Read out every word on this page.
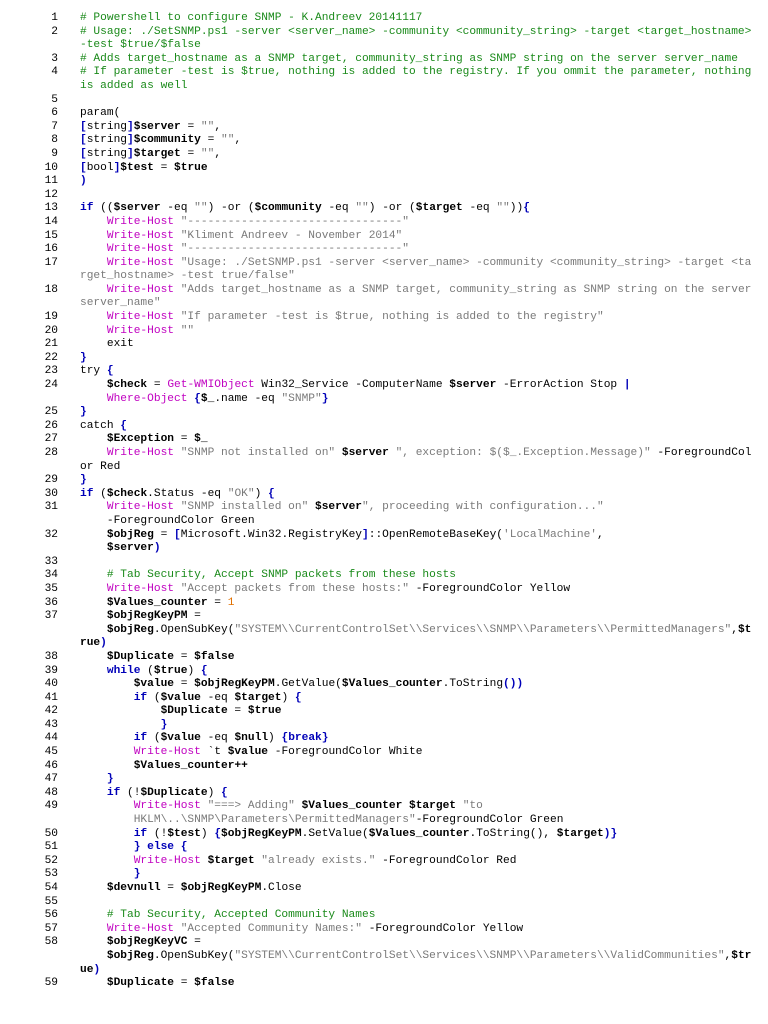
1 # Powershell to configure SNMP - K.Andreev 20141117
2 # Usage: ./SetSNMP.ps1 -server <server_name> -community <community_string> -target <target_hostname> -test $true/$false
3 # Adds target_hostname as a SNMP target, community_string as SNMP string on the server server_name
4 # If parameter -test is $true, nothing is added to the registry. If you ommit the parameter, nothing is added as well
5

6 param(
7 [string]$server = "",
8 [string]$community = "",
9 [string]$target = "",
10 [bool]$test = $true
11 )
12

13 if (($server -eq "") -or ($community -eq "") -or ($target -eq "")){
14	Write-Host "--------------------------------"
15	Write-Host "Kliment Andreev - November 2014"
16	Write-Host "--------------------------------"
17	Write-Host "Usage: ./SetSNMP.ps1 -server <server_name> -community <community_string> -target <target_hostname> -test true/false"
18	Write-Host "Adds target_hostname as a SNMP target, community_string as SNMP string on the server server_name"
19	Write-Host "If parameter -test is $true, nothing is added to the registry"
20	Write-Host ""
21 exit
22 }
23 try {
24	$check = Get-WMIObject Win32_Service -ComputerName $server -ErrorAction Stop |
Where-Object {$_.name -eq "SNMP"}
25 }
26 catch {
27	$Exception = $_
28	Write-Host "SNMP not installed on" $server ", exception: $($_.Exception.Message)" -ForegroundColor Red
29 }
30 if ($check.Status -eq "OK") {
31	Write-Host "SNMP installed on" $server", proceeding with configuration..."
-ForegroundColor Green
32	$objReg = [Microsoft.Win32.RegistryKey]::OpenRemoteBaseKey('LocalMachine',
$server)
33

34	# Tab Security, Accept SNMP packets from these hosts
35	Write-Host "Accept packets from these hosts:" -ForegroundColor Yellow
36	$Values_counter = 1
37	$objRegKeyPM =
$objReg.OpenSubKey("SYSTEM\\CurrentControlSet\\Services\\SNMP\\Parameters\\PermittedManagers",$true)
38	$Duplicate = $false
39	while ($true) {
40	$value = $objRegKeyPM.GetValue($Values_counter.ToString())
41	if ($value -eq $target) {
42	$Duplicate = $true
43	}
44	if ($value -eq $null) {break}
45	Write-Host `t $value -ForegroundColor White
46	$Values_counter++
47	}
48	if (!$Duplicate) {
49	Write-Host "===> Adding" $Values_counter $target "to
HKLM\..\SNMP\Parameters\PermittedManagers"-ForegroundColor Green
50	if (!$test) {$objRegKeyPM.SetValue($Values_counter.ToString(), $target)}
51	} else {
52	Write-Host $target "already exists." -ForegroundColor Red
53	}
54	$devnull = $objRegKeyPM.Close
55

56	# Tab Security, Accepted Community Names
57	Write-Host "Accepted Community Names:" -ForegroundColor Yellow
58	$objRegKeyVC =
$objReg.OpenSubKey("SYSTEM\\CurrentControlSet\\Services\\SNMP\\Parameters\\ValidCommunities",$true)
59	$Duplicate = $false
